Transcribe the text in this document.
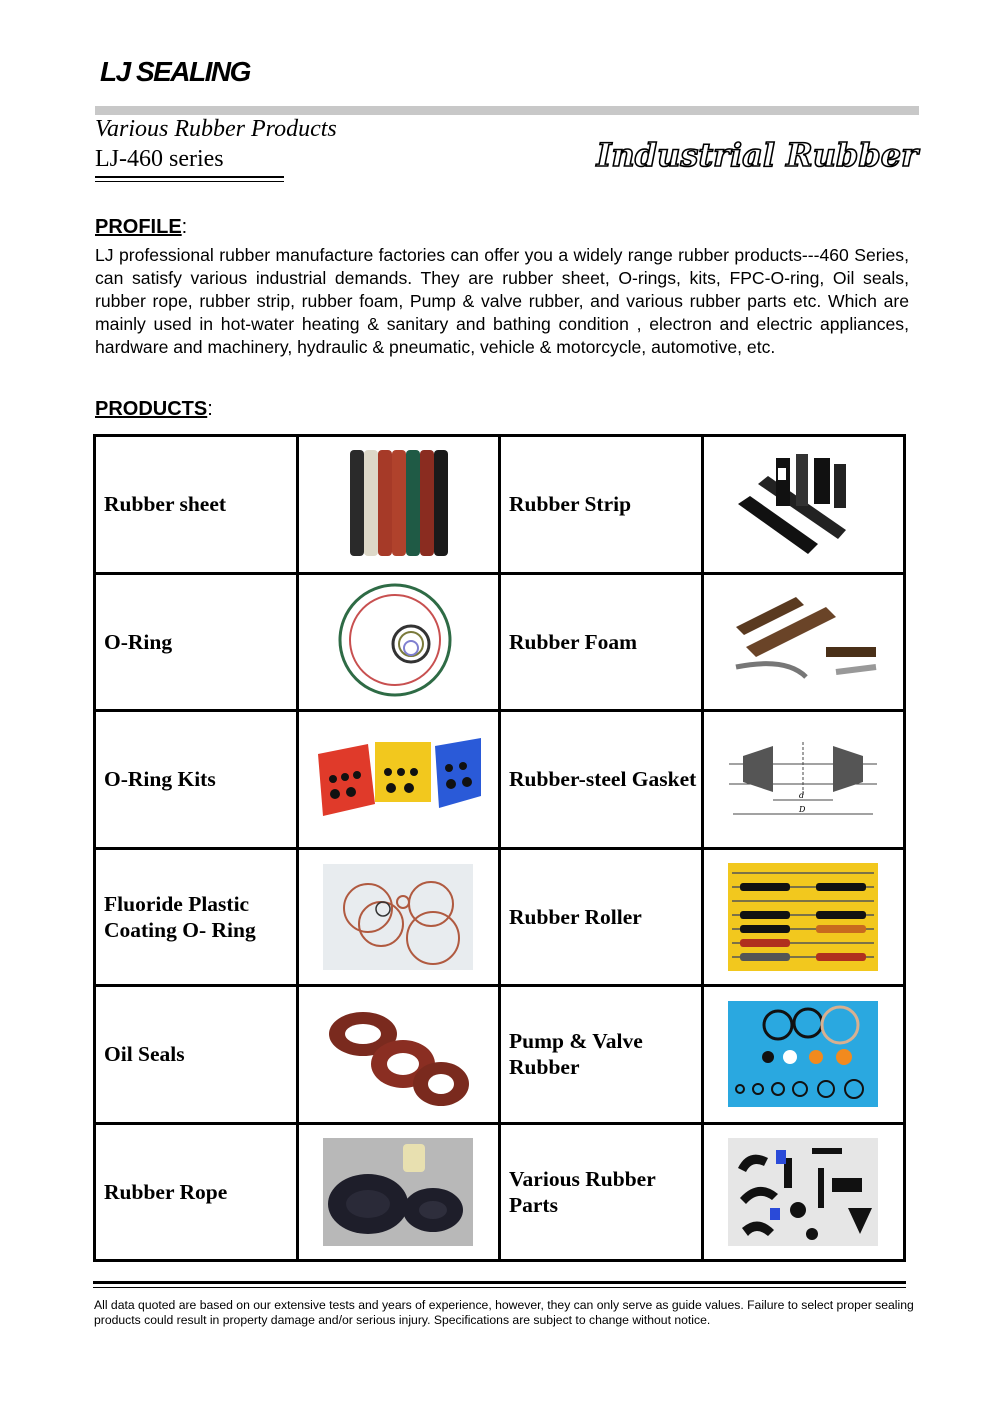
LJ SEALING
Various Rubber Products
LJ-460 series	Industrial Rubber
PROFILE:
LJ professional rubber manufacture factories can offer you a widely range rubber products---460 Series, can satisfy various industrial demands. They are rubber sheet, O-rings, kits, FPC-O-ring, Oil seals, rubber rope, rubber strip, rubber foam, Pump & valve rubber, and various rubber parts etc. Which are mainly used in hot-water heating & sanitary and bathing condition , electron and electric appliances, hardware and machinery, hydraulic & pneumatic, vehicle & motorcycle, automotive, etc.
PRODUCTS:
Rubber sheet		Rubber Strip	

O-Ring		Rubber Foam	

O-Ring Kits		Rubber-steel Gasket	d
D

Fluoride Plastic Coating O- Ring		Rubber Roller	

Oil Seals		Pump & Valve Rubber	

Rubber Rope		Various Rubber Parts	
All data quoted are based on our extensive tests and years of experience, however, they can only serve as guide values. Failure to select proper sealing products could result in property damage and/or serious injury. Specifications are subject to change without notice.
